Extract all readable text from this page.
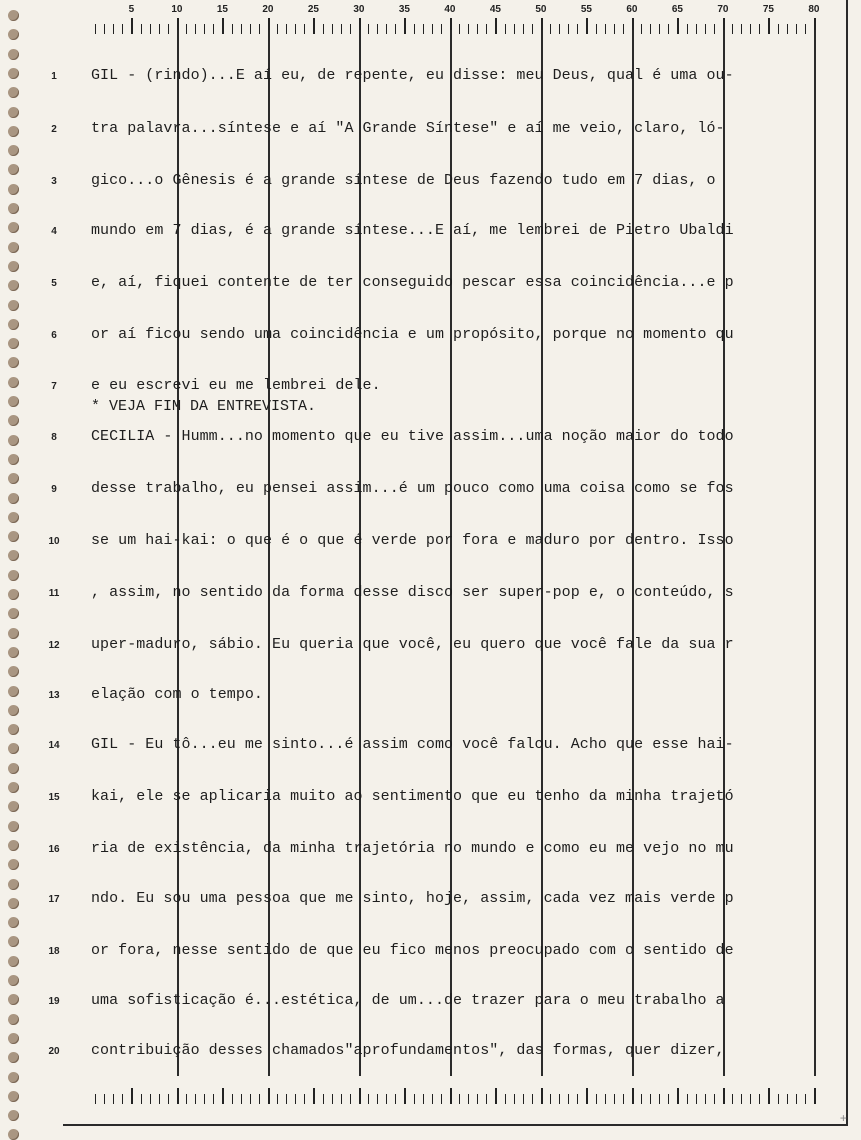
5	10	15	20	25	30	35	40	45	50	55	60	65	70	75	80
1
2
3
4
5
6
7
8
9
10
11
12
13
14
15
16
17
18
19
20
GIL - (rindo)...E aí eu, de repente, eu disse: meu Deus, qual é uma ou-
tra palavra...síntese e aí "A Grande Síntese" e aí me veio, claro, ló-
gico...o Gênesis é a grande síntese de Deus fazendo tudo em 7 dias, o
mundo em 7 dias, é a grande síntese...E aí, me lembrei de Pietro Ubaldi
e, aí, fiquei contente de ter conseguido pescar essa coincidência...e p
or aí ficou sendo uma coincidência e um propósito, porque no momento qu
e eu escrevi eu me lembrei dele.
CECILIA - Humm...no momento que eu tive assim...uma noção maior do todo
desse trabalho, eu pensei assim...é um pouco como uma coisa como se fos
se um hai-kai: o que é o que é verde por fora e maduro por dentro. Isso
, assim, no sentido da forma desse disco ser super-pop e, o conteúdo, s
uper-maduro, sábio. Eu queria que você, eu quero que você fale da sua r
elação com o tempo.
GIL - Eu tô...eu me sinto...é assim como você falou. Acho que esse hai-
kai, ele se aplicaria muito ao sentimento que eu tenho da minha trajetó
ria de existência, da minha trajetória no mundo e como eu me vejo no mu
ndo. Eu sou uma pessoa que me sinto, hoje, assim, cada vez mais verde p
or fora, nesse sentido de que eu fico menos preocupado com o sentido de
uma sofisticação é...estética, de um...de trazer para o meu trabalho a
contribuição desses chamados"aprofundamentos", das formas, quer dizer,
* VEJA FIM DA ENTREVISTA.
+
